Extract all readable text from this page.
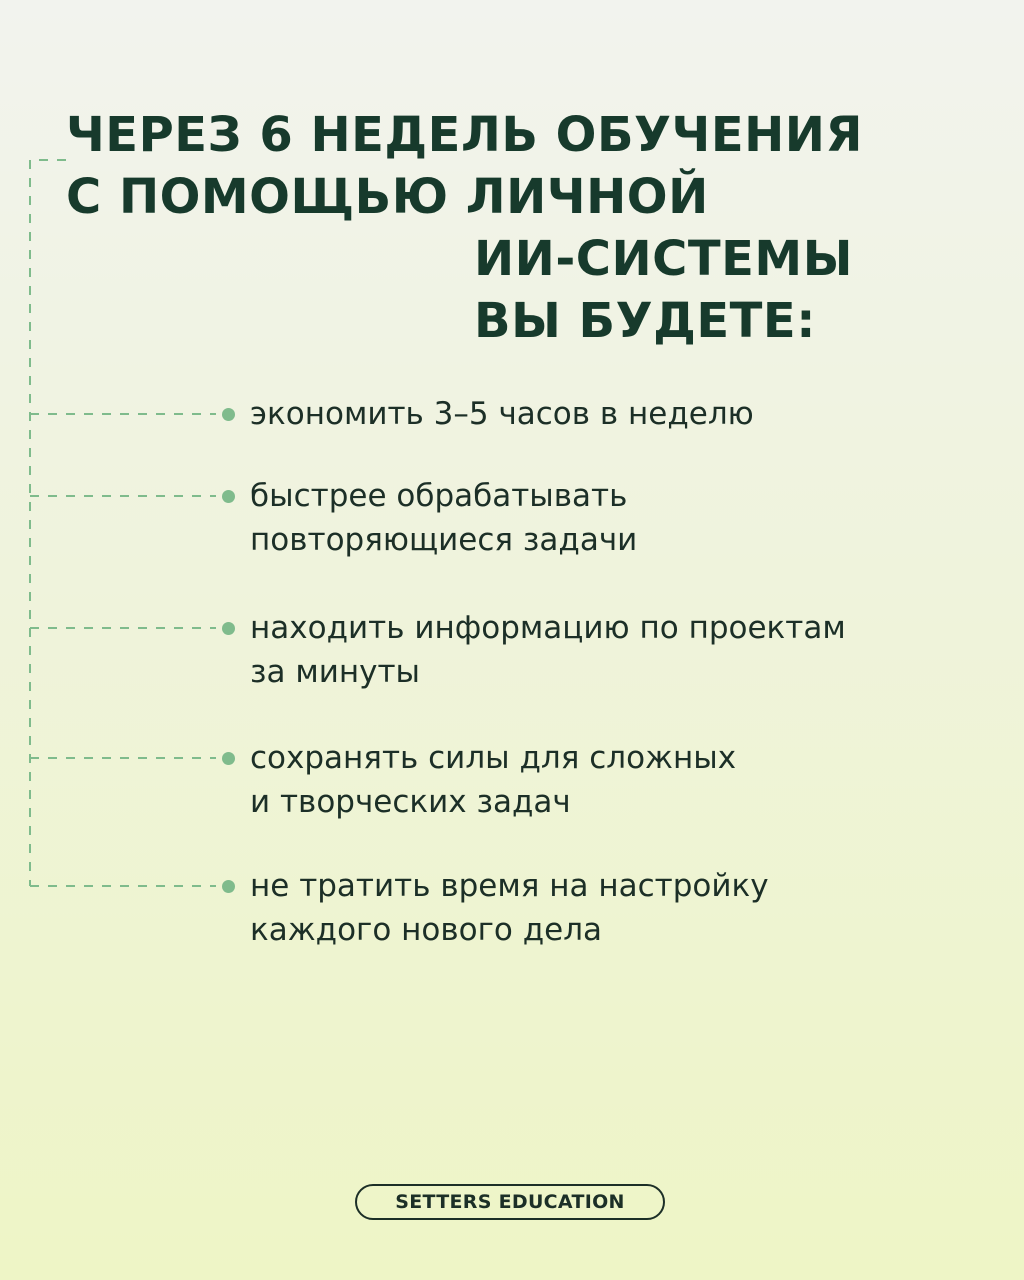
ЧЕРЕЗ 6 НЕДЕЛЬ ОБУЧЕНИЯ
С ПОМОЩЬЮ ЛИЧНОЙ
ИИ-СИСТЕМЫ
ВЫ БУДЕТЕ:
экономить 3–5 часов в неделю
быстрее обрабатывать
повторяющиеся задачи
находить информацию по проектам
за минуты
сохранять силы для сложных
и творческих задач
не тратить время на настройку
каждого нового дела
SETTERS EDUCATION
